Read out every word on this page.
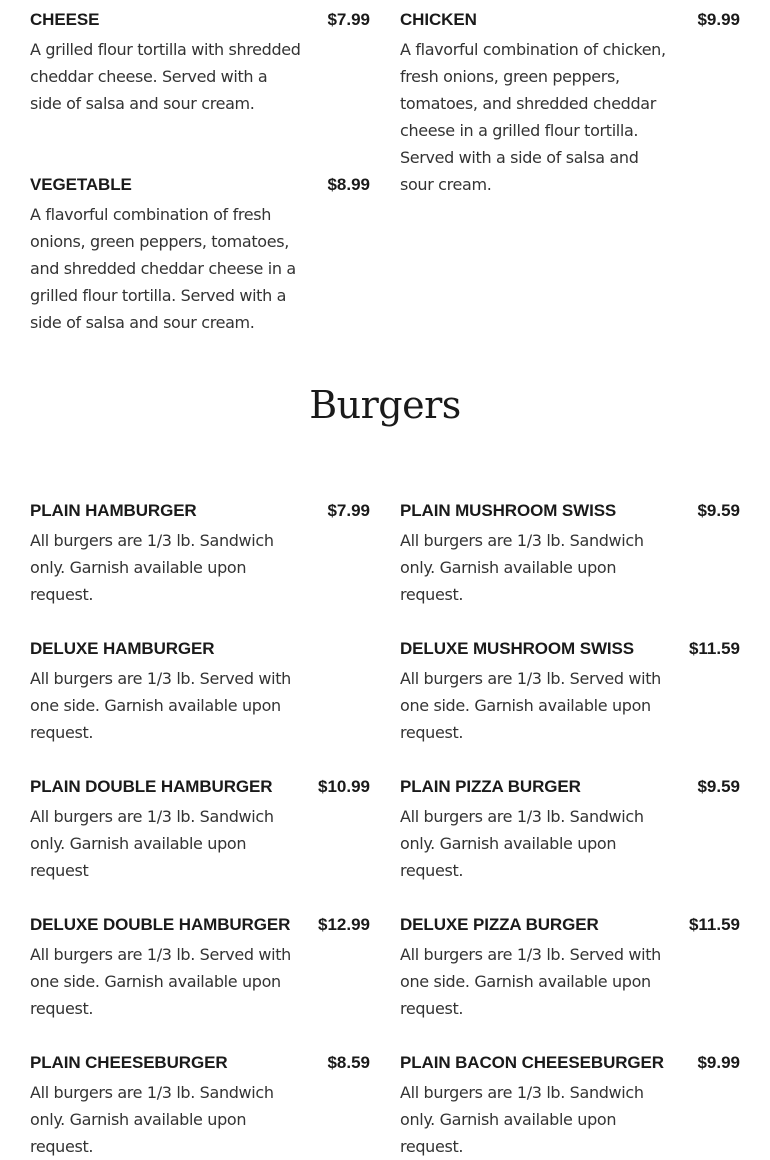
CHEESE	$7.99
A grilled flour tortilla with shredded cheddar cheese. Served with a side of salsa and sour cream.
CHICKEN	$9.99
A flavorful combination of chicken, fresh onions, green peppers, tomatoes, and shredded cheddar cheese in a grilled flour tortilla. Served with a side of salsa and sour cream.
VEGETABLE	$8.99
A flavorful combination of fresh onions, green peppers, tomatoes, and shredded cheddar cheese in a grilled flour tortilla. Served with a side of salsa and sour cream.
Burgers
PLAIN HAMBURGER	$7.99
All burgers are 1/3 lb. Sandwich only. Garnish available upon request.
PLAIN MUSHROOM SWISS	$9.59
All burgers are 1/3 lb. Sandwich only. Garnish available upon request.
DELUXE HAMBURGER
All burgers are 1/3 lb. Served with one side. Garnish available upon request.
DELUXE MUSHROOM SWISS	$11.59
All burgers are 1/3 lb. Served with one side. Garnish available upon request.
PLAIN DOUBLE HAMBURGER	$10.99
All burgers are 1/3 lb. Sandwich only. Garnish available upon request
PLAIN PIZZA BURGER	$9.59
All burgers are 1/3 lb. Sandwich only. Garnish available upon request.
DELUXE DOUBLE HAMBURGER $12.99
All burgers are 1/3 lb. Served with one side. Garnish available upon request.
DELUXE PIZZA BURGER	$11.59
All burgers are 1/3 lb. Served with one side. Garnish available upon request.
PLAIN CHEESEBURGER	$8.59
All burgers are 1/3 lb. Sandwich only. Garnish available upon request.
PLAIN BACON CHEESEBURGER $9.99
All burgers are 1/3 lb. Sandwich only. Garnish available upon request.
